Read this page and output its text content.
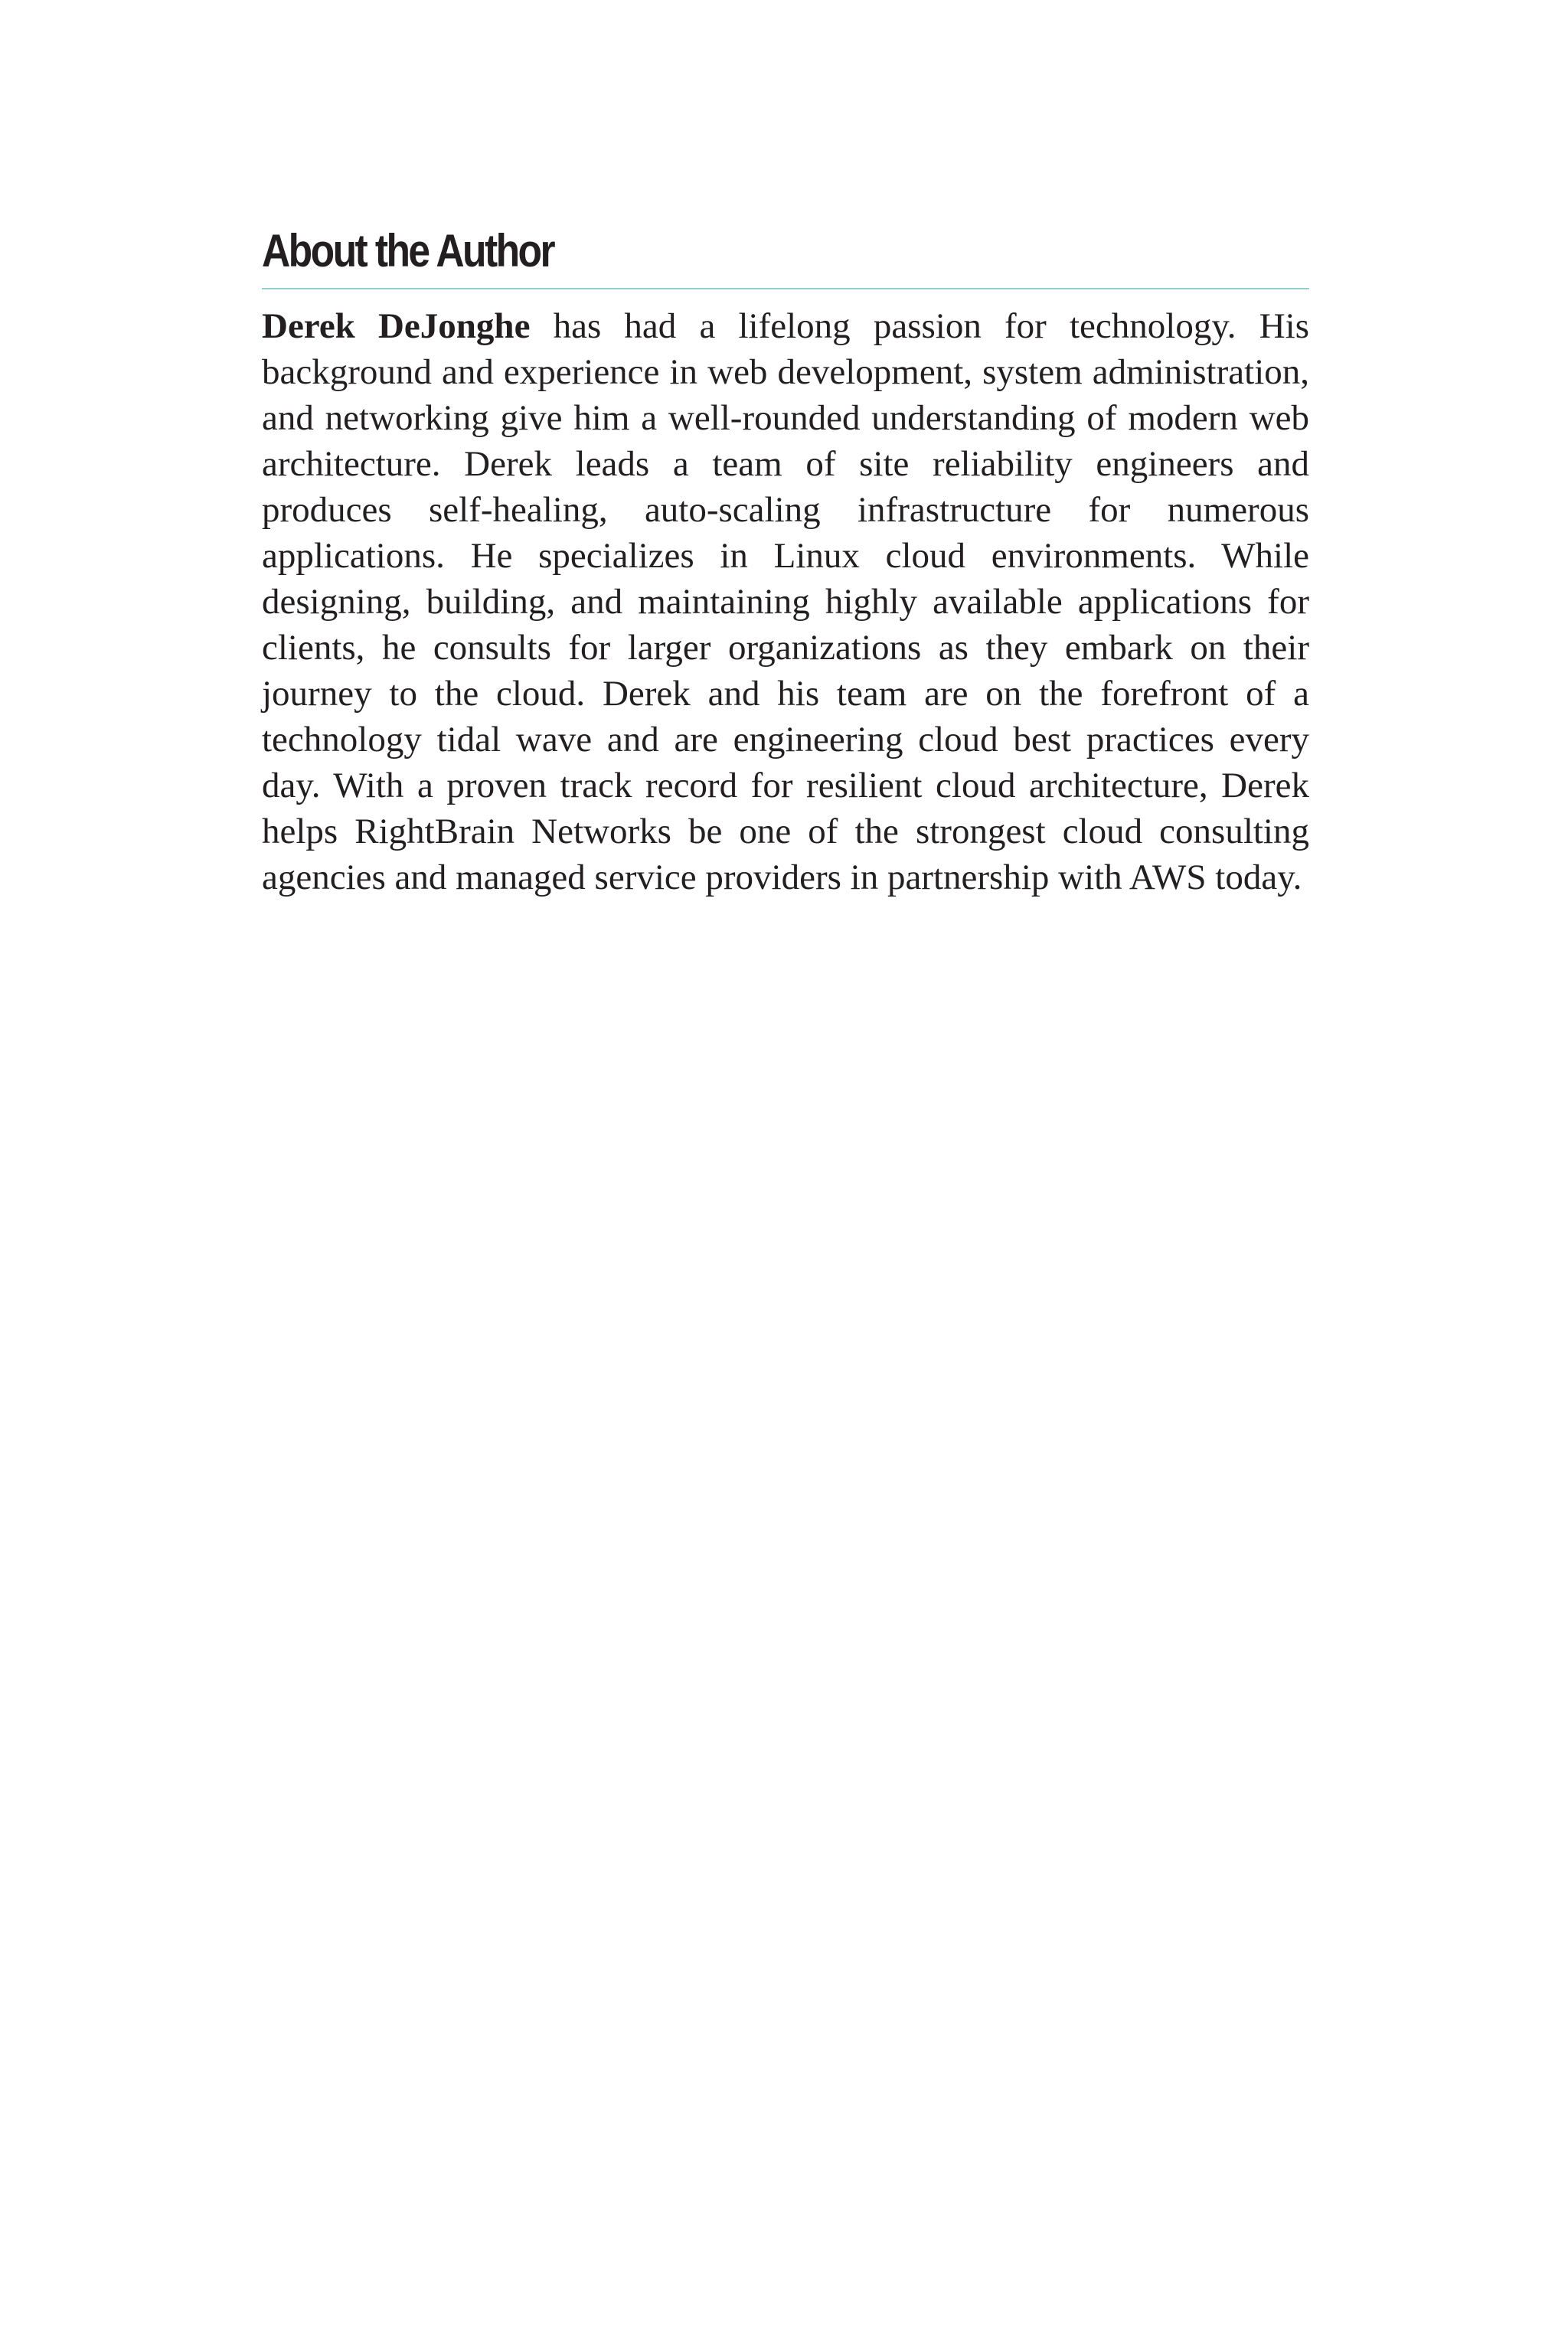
About the Author

Derek DeJonghe has had a lifelong passion for technology. His background and experience in web development, system administration, and networking give him a well-rounded understanding of modern web architecture. Derek leads a team of site reliability engineers and produces self-healing, auto-scaling infrastructure for numerous applications. He specializes in Linux cloud environments. While designing, building, and maintaining highly available applications for clients, he consults for larger organizations as they embark on their journey to the cloud. Derek and his team are on the forefront of a technology tidal wave and are engineering cloud best practices every day. With a proven track record for resilient cloud architecture, Derek helps RightBrain Networks be one of the strongest cloud consulting agencies and managed service providers in partnership with AWS today.
